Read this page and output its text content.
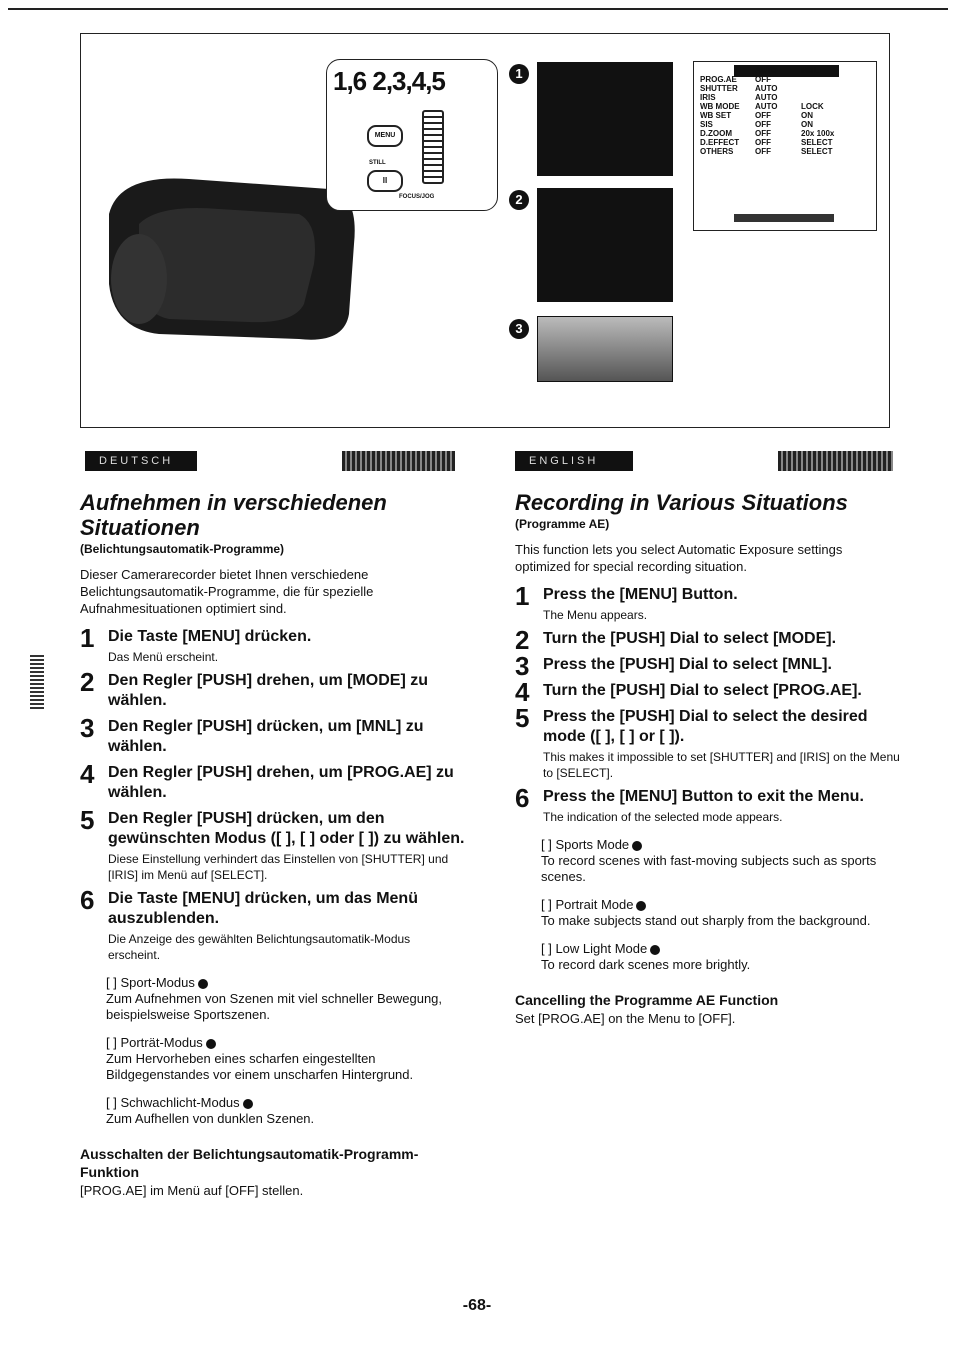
1,6 2,3,4,5
MENU
STILL
II
FOCUS/JOG
1
2
3
AUTO	MNL
PROG.AE OFF
SHUTTER AUTO
IRIS	AUTO
WB MODE AUTO	LOCK
WB SET	OFF	ON
SIS	OFF	ON
D.ZOOM	OFF	20x 100x
D.EFFECT OFF	SELECT
OTHERS	OFF	SELECT
DEUTSCH	ENGLISH
Aufnehmen in verschiedenen Situationen
(Belichtungsautomatik-Programme)

Dieser Camerarecorder bietet Ihnen verschiedene Belichtungsautomatik-Programme, die für spezielle Aufnahmesituationen optimiert sind.

1 Die Taste [MENU] drücken.
Das Menü erscheint.
2 Den Regler [PUSH] drehen, um [MODE] zu wählen.
3 Den Regler [PUSH] drücken, um [MNL] zu wählen.
4 Den Regler [PUSH] drehen, um [PROG.AE] zu wählen.
5 Den Regler [PUSH] drücken, um den gewünschten Modus ([ ], [ ] oder [ ]) zu wählen.
Diese Einstellung verhindert das Einstellen von [SHUTTER] und [IRIS] im Menü auf [SELECT].
6 Die Taste [MENU] drücken, um das Menü auszublenden.
Die Anzeige des gewählten Belichtungsautomatik-Modus erscheint.
[ ] Sport-Modus
Zum Aufnehmen von Szenen mit viel schneller Bewegung, beispielsweise Sportszenen.
[ ] Porträt-Modus
Zum Hervorheben eines scharfen eingestellten Bildgegenstandes vor einem unscharfen Hintergrund.
[ ] Schwachlicht-Modus
Zum Aufhellen von dunklen Szenen.
Ausschalten der Belichtungsautomatik-Programm-Funktion
[PROG.AE] im Menü auf [OFF] stellen.
Recording in Various Situations
(Programme AE)

This function lets you select Automatic Exposure settings optimized for special recording situation.

1 Press the [MENU] Button.
The Menu appears.
2 Turn the [PUSH] Dial to select [MODE].
3 Press the [PUSH] Dial to select [MNL].
4 Turn the [PUSH] Dial to select [PROG.AE].
5 Press the [PUSH] Dial to select the desired mode ([ ], [ ] or [ ]).
This makes it impossible to set [SHUTTER] and [IRIS] on the Menu to [SELECT].
6 Press the [MENU] Button to exit the Menu.
The indication of the selected mode appears.
[ ] Sports Mode
To record scenes with fast-moving subjects such as sports scenes.
[ ] Portrait Mode
To make subjects stand out sharply from the background.
[ ] Low Light Mode
To record dark scenes more brightly.
Cancelling the Programme AE Function
Set [PROG.AE] on the Menu to [OFF].
-68-
